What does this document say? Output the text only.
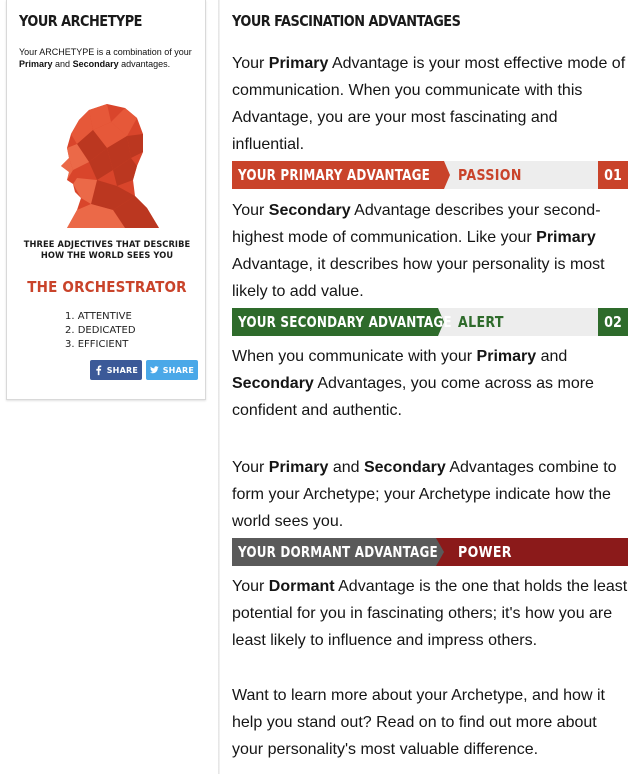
YOUR ARCHETYPE
Your ARCHETYPE is a combination of your Primary and Secondary advantages.
THREE ADJECTIVES THAT DESCRIBE
HOW THE WORLD SEES YOU
THE ORCHESTRATOR
1. ATTENTIVE
2. DEDICATED
3. EFFICIENT
SHARE	SHARE
YOUR FASCINATION ADVANTAGES

Your Primary Advantage is your most effective mode of communication. When you communicate with this Advantage, you are your most fascinating and influential.

YOUR PRIMARY ADVANTAGE PASSION	01

Your Secondary Advantage describes your second-highest mode of communication. Like your Primary Advantage, it describes how your personality is most likely to add value.

YOUR SECONDARY ADVANTAGE ALERT	02

When you communicate with your Primary and Secondary Advantages, you come across as more confident and authentic.

Your Primary and Secondary Advantages combine to form your Archetype; your Archetype indicate how the world sees you.

YOUR DORMANT ADVANTAGE POWER

Your Dormant Advantage is the one that holds the least potential for you in fascinating others; it's how you are least likely to influence and impress others.

Want to learn more about your Archetype, and how it help you stand out? Read on to find out more about your personality's most valuable difference.
